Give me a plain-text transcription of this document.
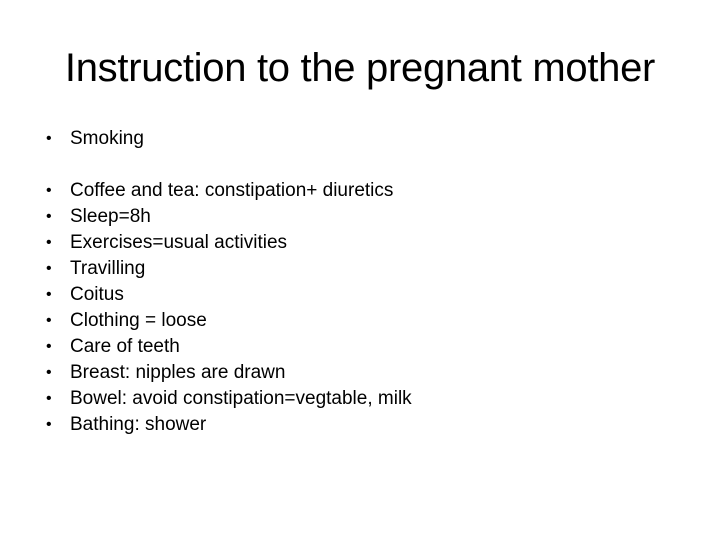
Instruction to the pregnant mother
• Smoking
• Coffee and tea: constipation+ diuretics
• Sleep=8h
• Exercises=usual activities
• Travilling
• Coitus
• Clothing = loose
• Care of teeth
• Breast: nipples are drawn
• Bowel: avoid constipation=vegtable, milk
• Bathing: shower
